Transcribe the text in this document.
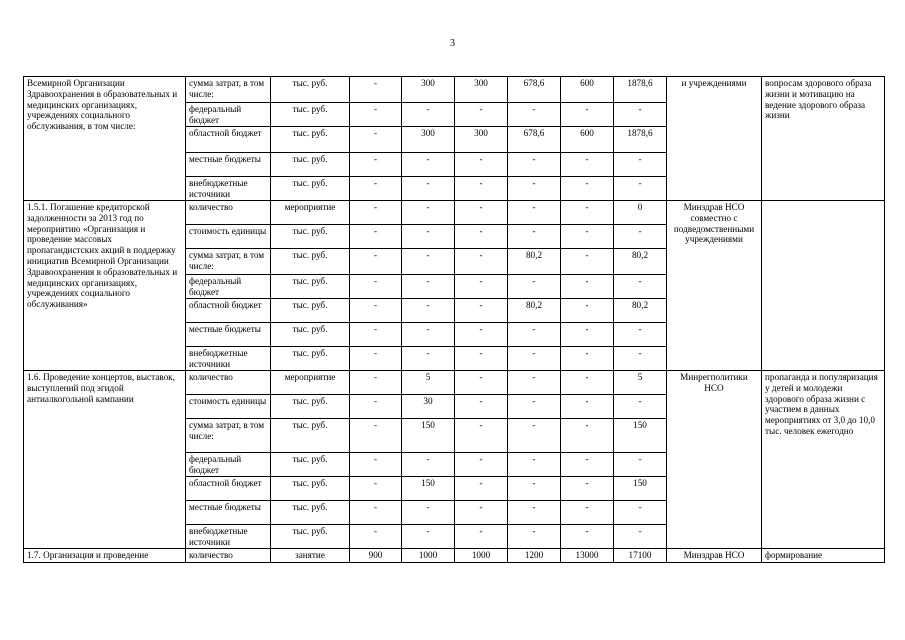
3
Всемирной Организации Здравоохранения в образовательных и медицинских организациях, учреждениях социального обслуживания, в том числе:	сумма затрат, в том числе:	тыс. руб.	-	300	300	678,6	600	1878,6	и учреждениями	вопросам здорового образа жизни и мотивацию на ведение здорового образа жизни
	федеральный бюджет	тыс. руб.	-	-	-	-	-	-		
	областной бюджет	тыс. руб.	-	300	300	678,6	600	1878,6		
	местные бюджеты	тыс. руб.	-	-	-	-	-	-		
	внебюджетные источники	тыс. руб.	-	-	-	-	-	-		
1.5.1. Погашение кредиторской задолженности за 2013 год по мероприятию «Организация и проведение массовых пропагандистских акций в поддержку инициатив Всемирной Организации Здравоохранения в образовательных и медицинских организациях, учреждениях социального обслуживания»	количество	мероприятие	-	-	-	-	-	0	Минздрав НСО совместно с подведомственными учреждениями	
	стоимость единицы	тыс. руб.	-	-	-	-	-	-		
	сумма затрат, в том числе:	тыс. руб.	-	-	-	80,2	-	80,2		
	федеральный бюджет	тыс. руб.	-	-	-	-	-	-		
	областной бюджет	тыс. руб.	-	-	-	80,2	-	80,2		
	местные бюджеты	тыс. руб.	-	-	-	-	-	-		
	внебюджетные источники	тыс. руб.	-	-	-	-	-	-		
1.6. Проведение концертов, выставок, выступлений под эгидой антиалкогольной кампании	количество	мероприятие	-	5	-	-	-	5	Минрегполитики НСО	пропаганда и популяризация у детей и молодежи здорового образа жизни с участием в данных мероприятиях от 3,0 до 10,0 тыс. человек ежегодно
	стоимость единицы	тыс. руб.	-	30	-	-	-	-		
	сумма затрат, в том числе:	тыс. руб.	-	150	-	-	-	150		
	федеральный бюджет	тыс. руб.	-	-	-	-	-	-		
	областной бюджет	тыс. руб.	-	150	-	-	-	150		
	местные бюджеты	тыс. руб.	-	-	-	-	-	-		
	внебюджетные источники	тыс. руб.	-	-	-	-	-	-		
1.7. Организация и проведение	количество	занятие	900	1000	1000	1200	13000	17100	Минздрав НСО	формирование
